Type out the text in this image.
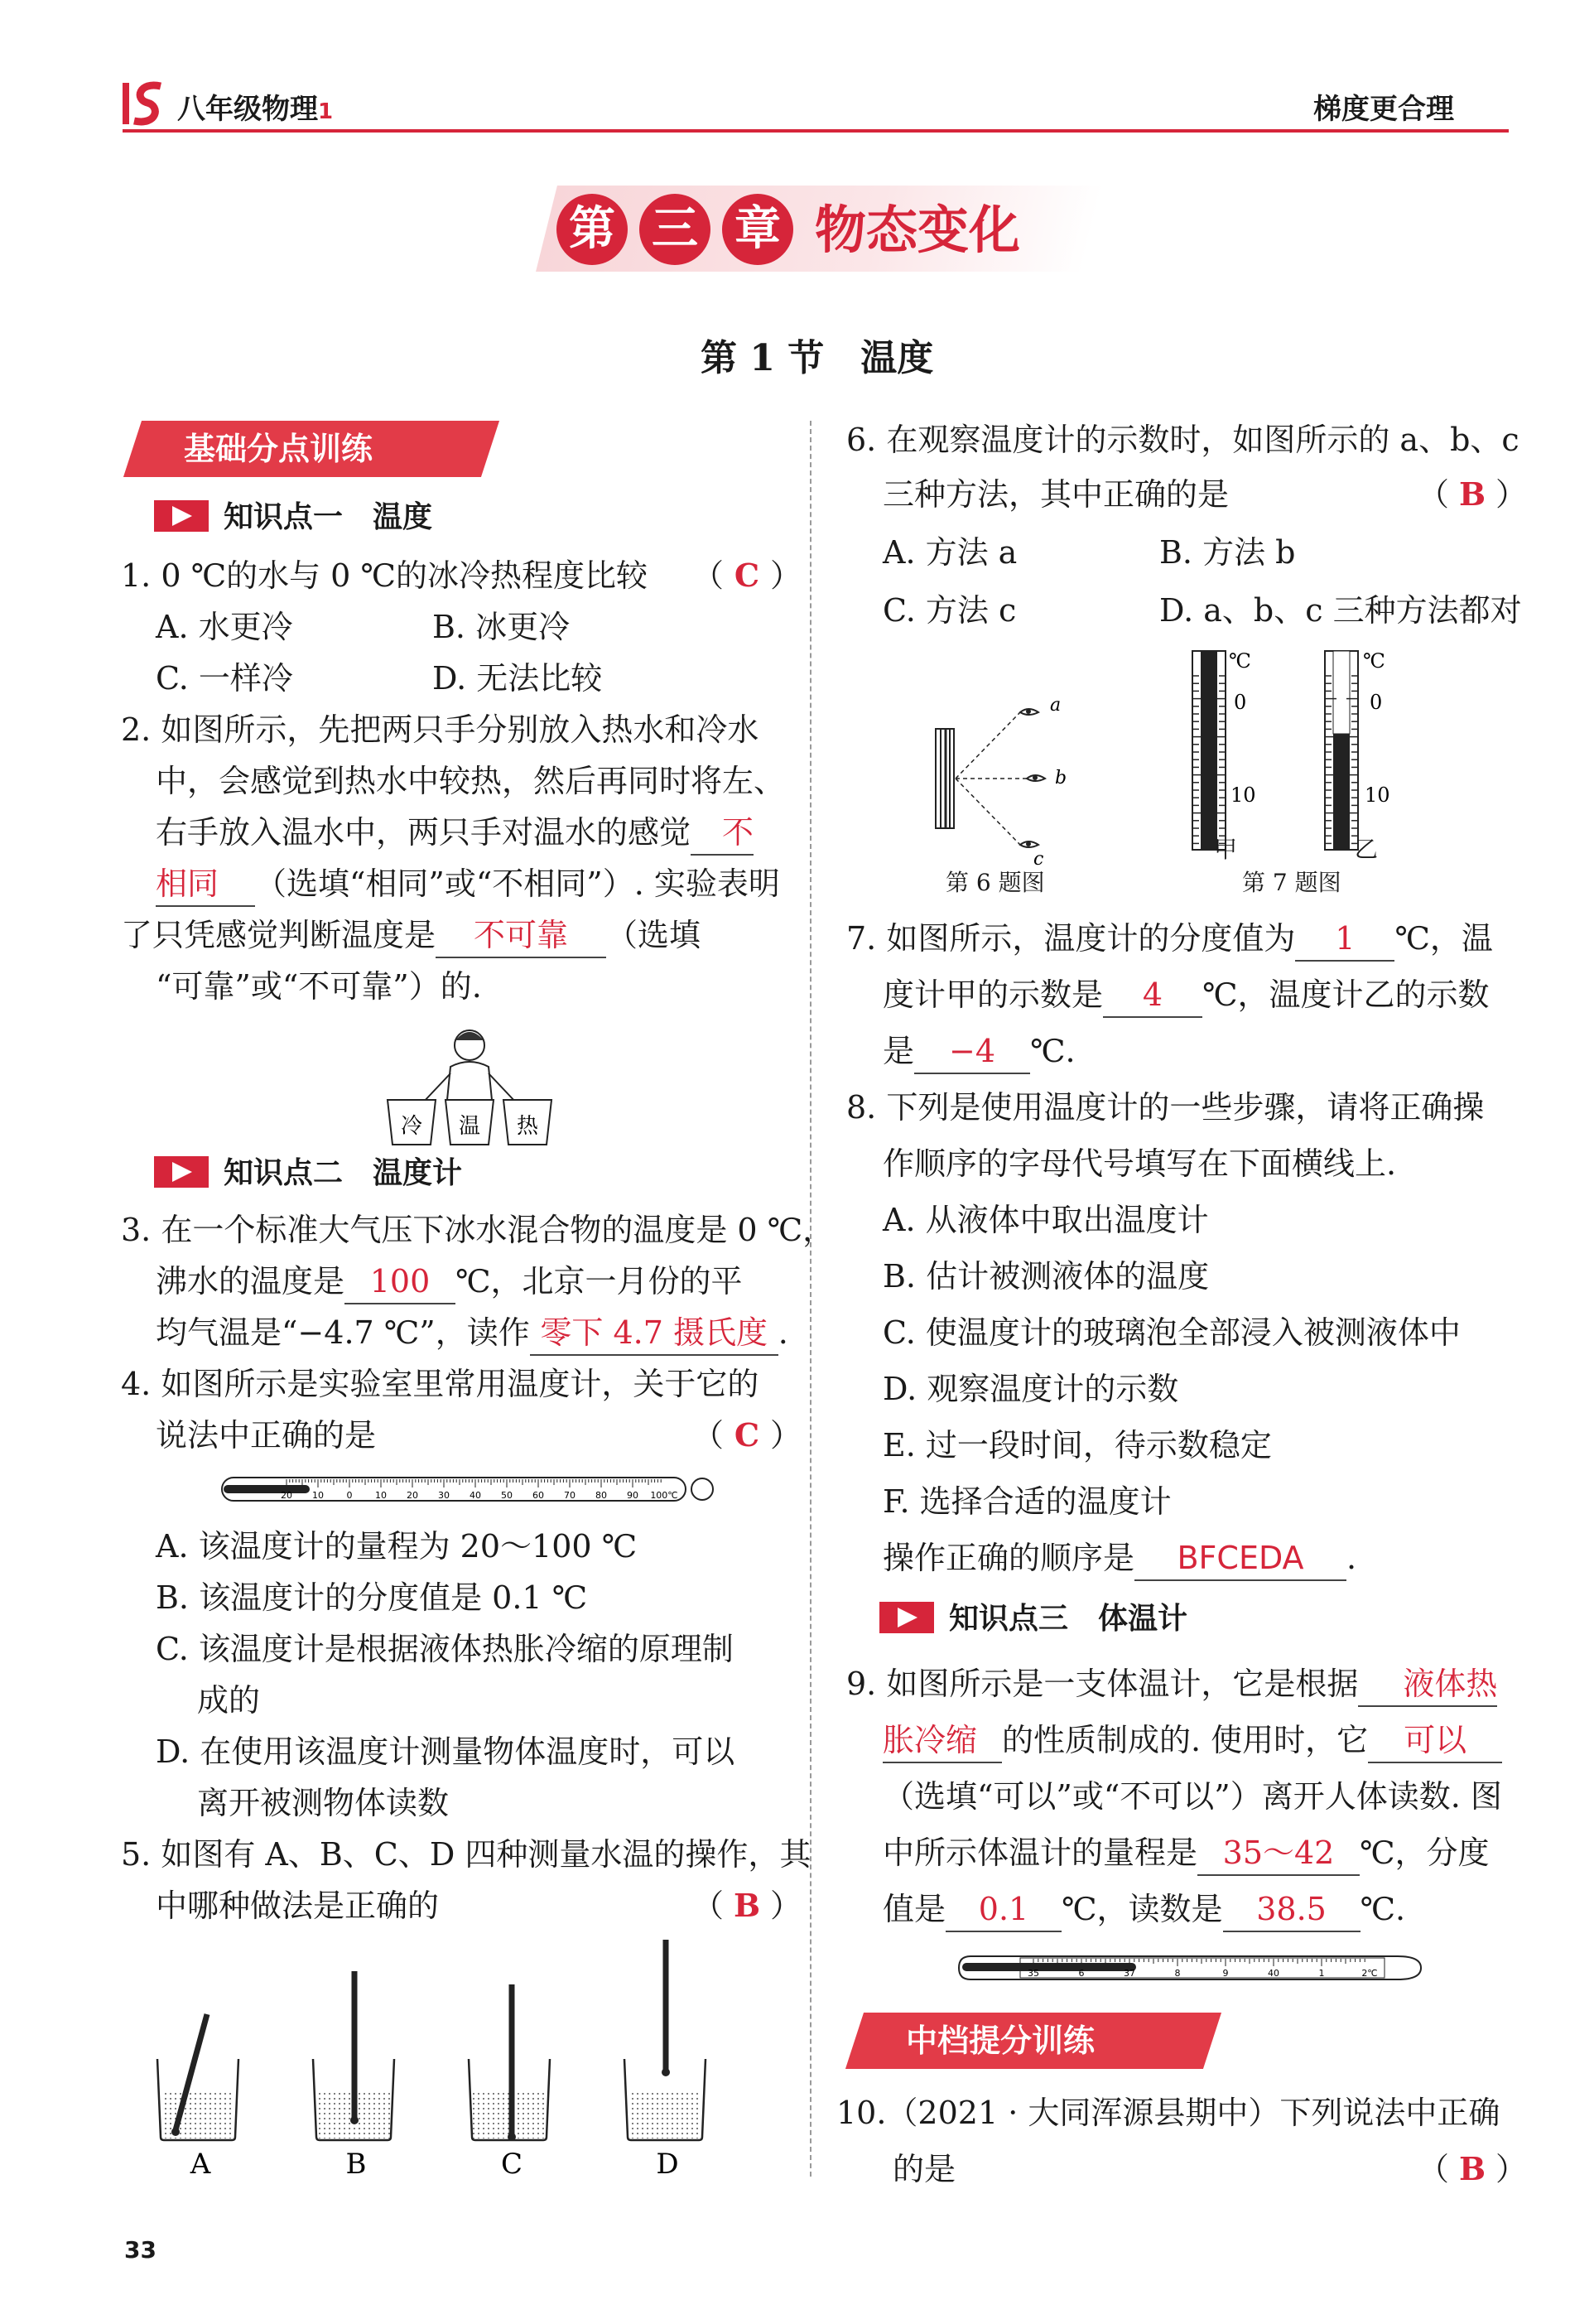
八年级物理1	梯度更合理
第 三 章 物态变化
第 1 节　温度
基础分点训练
知识点一　温度
1. 0 ℃的水与 0 ℃的冰冷热程度比较 （ C ）
A. 水更冷	B. 冰更冷
C. 一样冷	D. 无法比较
2. 如图所示，先把两只手分别放入热水和冷水
中，会感觉到热水中较热，然后再同时将左、
右手放入温水中，两只手对温水的感觉 不
相同 （选填“相同”或“不相同”）. 实验表明
了只凭感觉判断温度是 不可靠 （选填
“可靠”或“不可靠”）的.
冷 温 热
知识点二　温度计
3. 在一个标准大气压下冰水混合物的温度是 0 ℃，
沸水的温度是 100 ℃，北京一月份的平
均气温是“−4.7 ℃”，读作 零下 4.7 摄氏度 .
4. 如图所示是实验室里常用温度计，关于它的
说法中正确的是	（ C ）
20 10	0	10 20 30 40 50 60 70 80 90 100℃
A. 该温度计的量程为 20～100 ℃
B. 该温度计的分度值是 0.1 ℃
C. 该温度计是根据液体热胀冷缩的原理制
成的
D. 在使用该温度计测量物体温度时，可以
离开被测物体读数
5. 如图有 A、B、C、D 四种测量水温的操作，其
中哪种做法是正确的	（ B ）
A	B	C	D
33
6. 在观察温度计的示数时，如图所示的 a、b、c
三种方法，其中正确的是	（ B ）
A. 方法 a	B. 方法 b
C. 方法 c	D. a、b、c 三种方法都对
a
b
c
第 6 题图
℃
0
10
℃
0
10
甲	乙
第 7 题图
7. 如图所示，温度计的分度值为 1 ℃，温
度计甲的示数是 4 ℃，温度计乙的示数
是 −4 ℃.
8. 下列是使用温度计的一些步骤，请将正确操
作顺序的字母代号填写在下面横线上.
A. 从液体中取出温度计
B. 估计被测液体的温度
C. 使温度计的玻璃泡全部浸入被测液体中
D. 观察温度计的示数
E. 过一段时间，待示数稳定
F. 选择合适的温度计
操作正确的顺序是 BFCEDA .
知识点三　体温计
9. 如图所示是一支体温计，它是根据 液体热
胀冷缩 的性质制成的. 使用时，它 可以
（选填“可以”或“不可以”）离开人体读数. 图
中所示体温计的量程是 35～42 ℃，分度
值是 0.1 ℃，读数是 38.5 ℃.
35	6	37	8	9	40	1	2℃
中档提分训练
10.（2021 · 大同浑源县期中）下列说法中正确
的是	（ B ）
